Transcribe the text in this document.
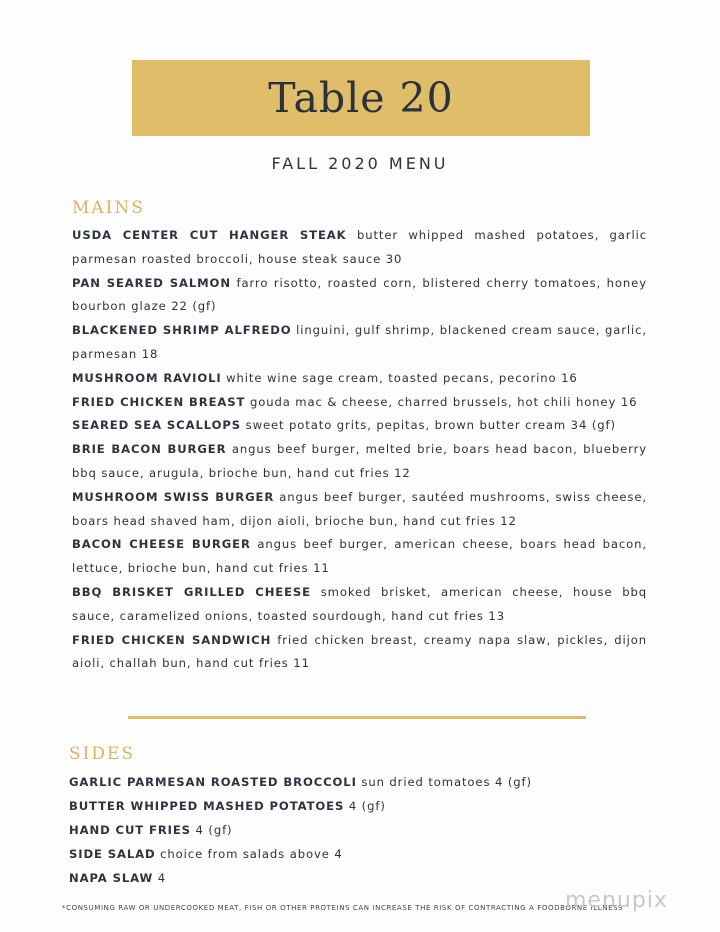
Table 20
FALL 2020 MENU
MAINS

USDA CENTER CUT HANGER STEAK butter whipped mashed potatoes, garlic parmesan roasted broccoli, house steak sauce 30

PAN SEARED SALMON farro risotto, roasted corn, blistered cherry tomatoes, honey bourbon glaze 22 (gf)

BLACKENED SHRIMP ALFREDO linguini, gulf shrimp, blackened cream sauce, garlic, parmesan 18

MUSHROOM RAVIOLI white wine sage cream, toasted pecans, pecorino 16

FRIED CHICKEN BREAST gouda mac & cheese, charred brussels, hot chili honey 16

SEARED SEA SCALLOPS sweet potato grits, pepitas, brown butter cream 34 (gf)

BRIE BACON BURGER angus beef burger, melted brie, boars head bacon, blueberry bbq sauce, arugula, brioche bun, hand cut fries 12

MUSHROOM SWISS BURGER angus beef burger, sautéed mushrooms, swiss cheese, boars head shaved ham, dijon aioli, brioche bun, hand cut fries 12

BACON CHEESE BURGER angus beef burger, american cheese, boars head bacon, lettuce, brioche bun, hand cut fries 11

BBQ BRISKET GRILLED CHEESE smoked brisket, american cheese, house bbq sauce, caramelized onions, toasted sourdough, hand cut fries 13

FRIED CHICKEN SANDWICH fried chicken breast, creamy napa slaw, pickles, dijon aioli, challah bun, hand cut fries 11

SIDES

GARLIC PARMESAN ROASTED BROCCOLI sun dried tomatoes 4 (gf)

BUTTER WHIPPED MASHED POTATOES 4 (gf)

HAND CUT FRIES 4 (gf)

SIDE SALAD choice from salads above 4

NAPA SLAW 4

*CONSUMING RAW OR UNDERCOOKED MEAT, FISH OR OTHER PROTEINS CAN INCREASE THE RISK OF CONTRACTING A FOODBORNE ILLNESS
menupix
